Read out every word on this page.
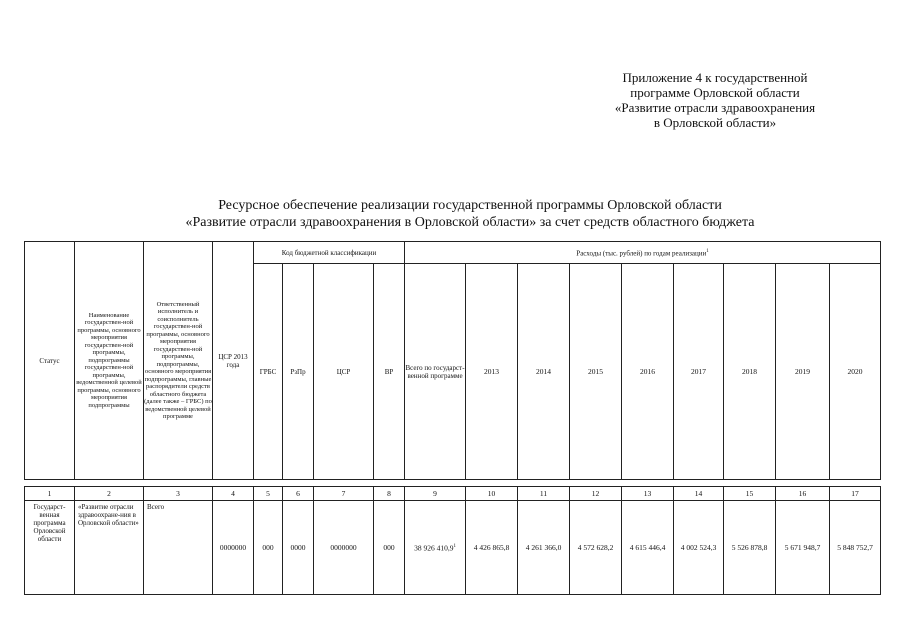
Приложение 4 к государственной
программе Орловской области
«Развитие отрасли здравоохранения
в Орловской области»
Ресурсное обеспечение реализации государственной программы Орловской области
«Развитие отрасли здравоохранения в Орловской области» за счет средств областного бюджета
Статус	Наименование государствен-ной программы, основного мероприятия государствен-ной программы, подпрограммы государствен-ной программы, ведомственной целевой программы, основного мероприятия подпрограммы	Ответственный исполнитель и соисполнитель государствен-ной программы, основного мероприятия государствен-ной программы, подпрограммы, основного мероприятия подпрограммы, главные распорядители средств областного бюджета (далее также – ГРБС) по ведомственной целевой программе	ЦСР 2013 года	Код бюджетной классификации				Расходы (тыс. рублей) по годам реализации$^1$
				ГРБС	РзПр	ЦСР	ВР	Всего по государст-венной программе	2013	2014	2015	2016	2017	2018	2019	2020
1	2	3	4	5	6	7	8	9	10	11	12	13	14	15	16	17
Государст-венная программа Орловской области	«Развитие отрасли здравоохране-ния в Орловской области»	Всего	0000000	000	0000	0000000	000	38 926 410,9$^1$	4 426 865,8	4 261 366,0	4 572 628,2	4 615 446,4	4 002 524,3	5 526 878,8	5 671 948,7	5 848 752,7
